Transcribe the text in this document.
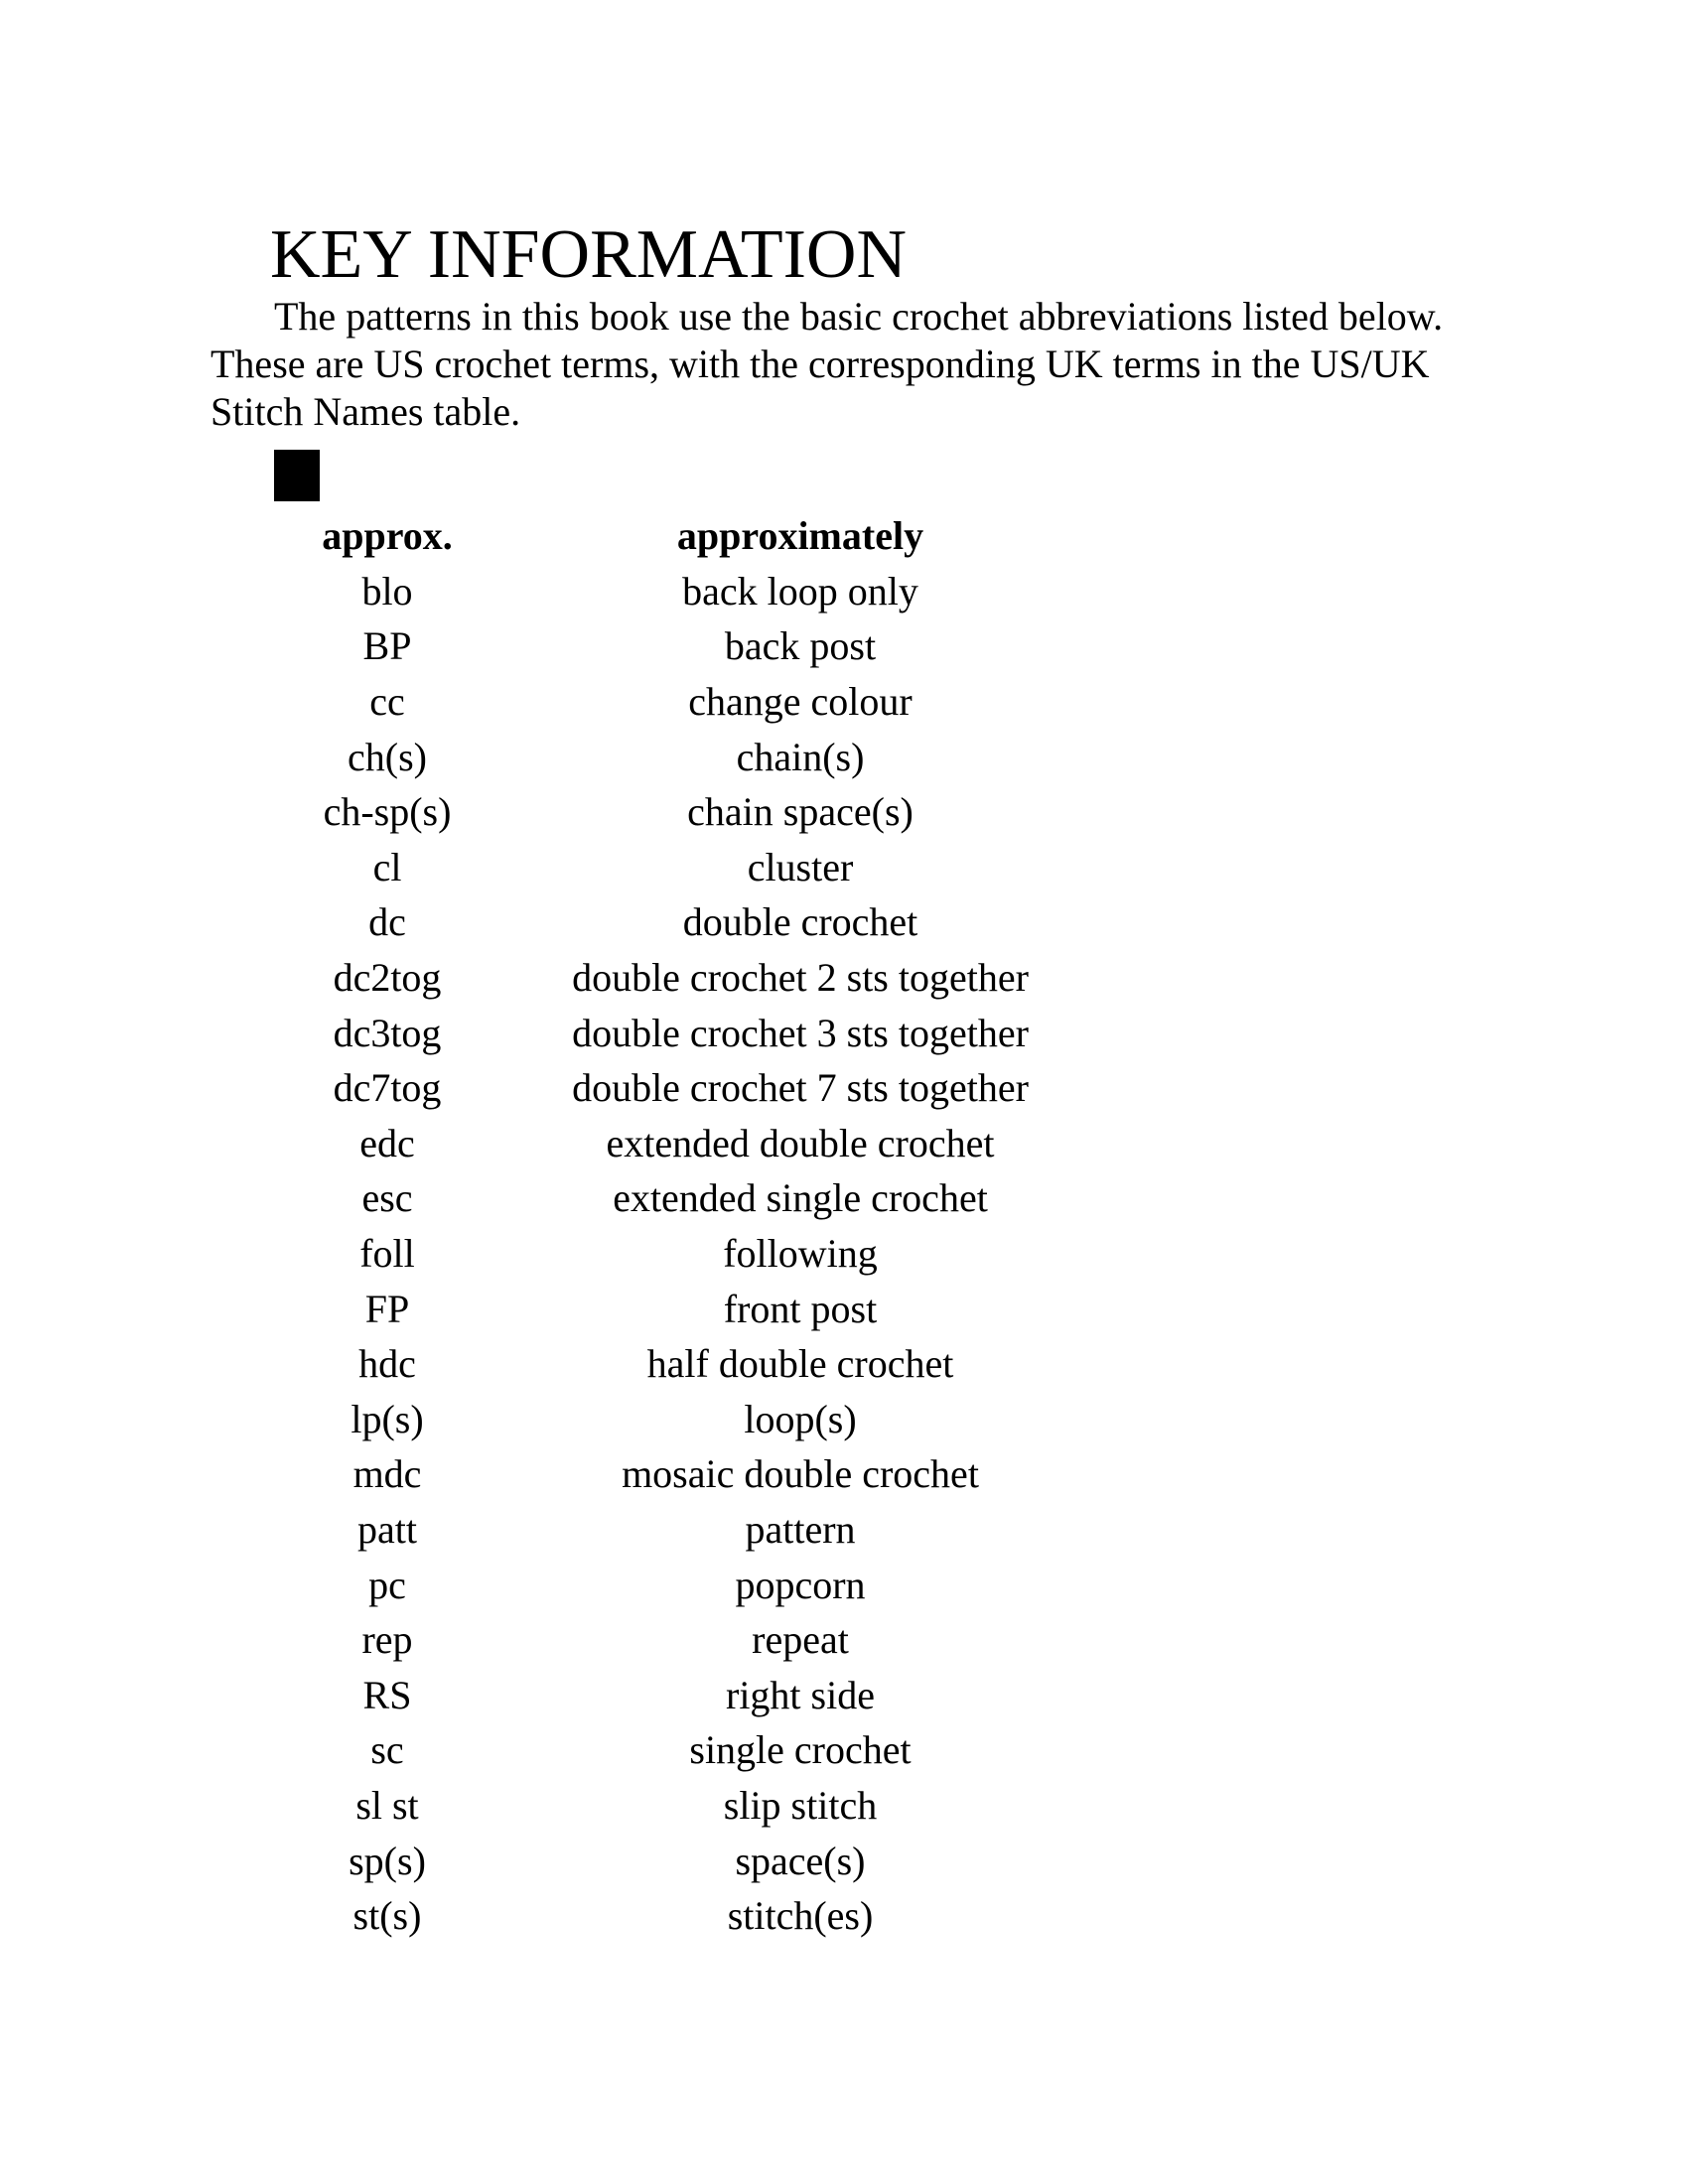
KEY INFORMATION

The patterns in this book use the basic crochet abbreviations listed below. These are US crochet terms, with the corresponding UK terms in the US/UK Stitch Names table.

approx.	approximately
blo	back loop only
BP	back post
cc	change colour
ch(s)	chain(s)
ch-sp(s)	chain space(s)
cl	cluster
dc	double crochet
dc2tog	double crochet 2 sts together
dc3tog	double crochet 3 sts together
dc7tog	double crochet 7 sts together
edc	extended double crochet
esc	extended single crochet
foll	following
FP	front post
hdc	half double crochet
lp(s)	loop(s)
mdc	mosaic double crochet
patt	pattern
pc	popcorn
rep	repeat
RS	right side
sc	single crochet
sl st	slip stitch
sp(s)	space(s)
st(s)	stitch(es)
